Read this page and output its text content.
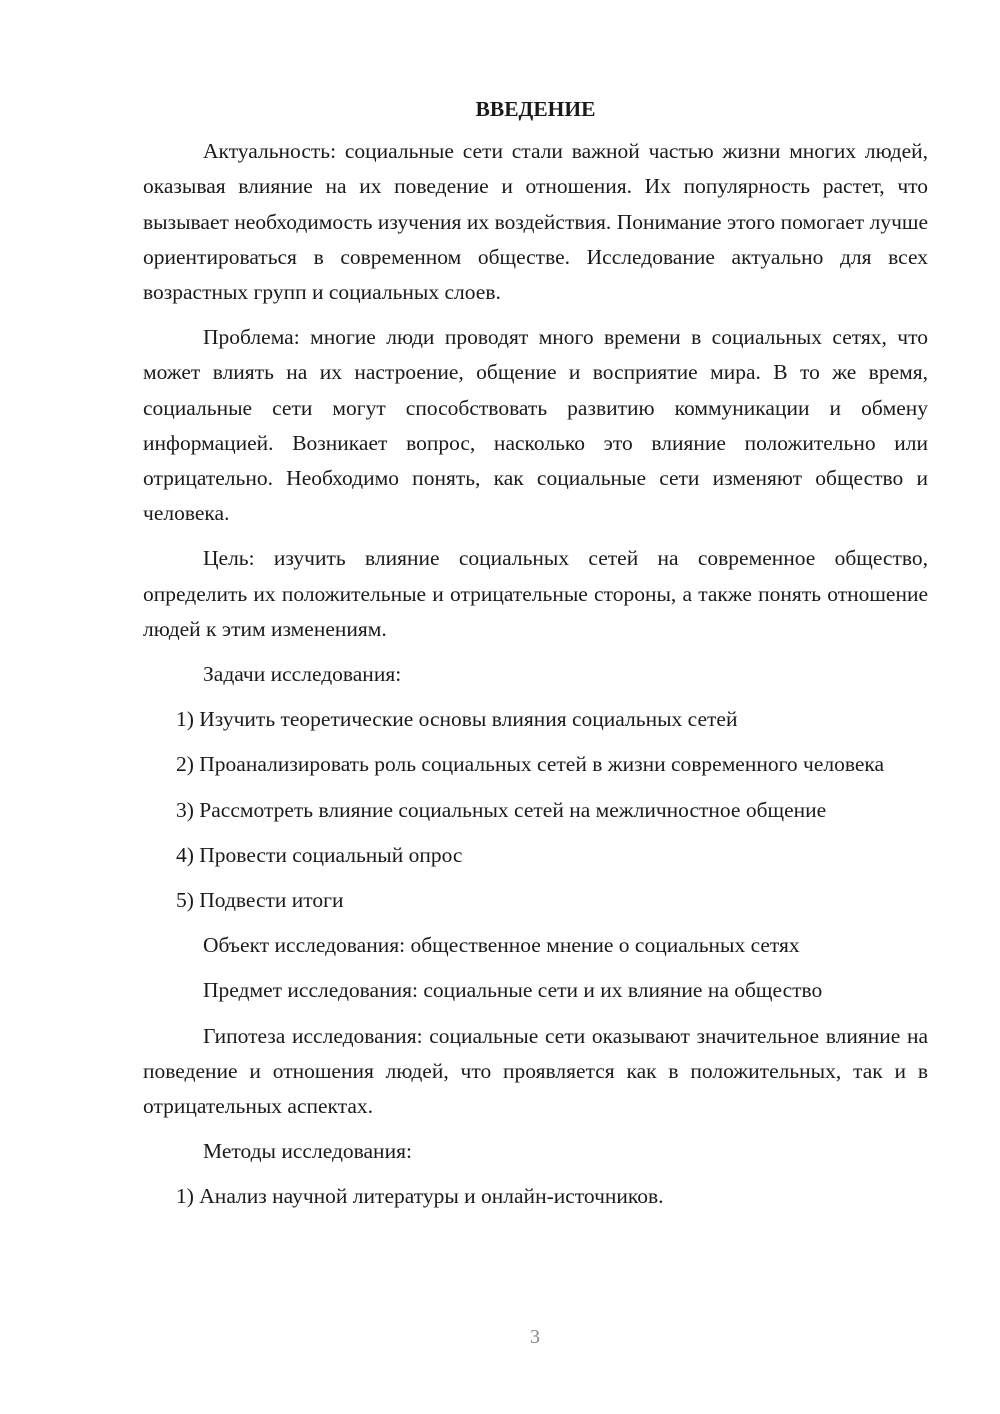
ВВЕДЕНИЕ

Актуальность: социальные сети стали важной частью жизни многих людей, оказывая влияние на их поведение и отношения. Их популярность растет, что вызывает необходимость изучения их воздействия. Понимание этого помогает лучше ориентироваться в современном обществе. Исследование актуально для всех возрастных групп и социальных слоев.

Проблема: многие люди проводят много времени в социальных сетях, что может влиять на их настроение, общение и восприятие мира. В то же время, социальные сети могут способствовать развитию коммуникации и обмену информацией. Возникает вопрос, насколько это влияние положительно или отрицательно. Необходимо понять, как социальные сети изменяют общество и человека.

Цель: изучить влияние социальных сетей на современное общество, определить их положительные и отрицательные стороны, а также понять отношение людей к этим изменениям.

Задачи исследования:

1) Изучить теоретические основы влияния социальных сетей

2) Проанализировать роль социальных сетей в жизни современного человека

3) Рассмотреть влияние социальных сетей на межличностное общение

4) Провести социальный опрос

5) Подвести итоги

Объект исследования: общественное мнение о социальных сетях

Предмет исследования: социальные сети и их влияние на общество

Гипотеза исследования: социальные сети оказывают значительное влияние на поведение и отношения людей, что проявляется как в положительных, так и в отрицательных аспектах.

Методы исследования:

1) Анализ научной литературы и онлайн-источников.

3
